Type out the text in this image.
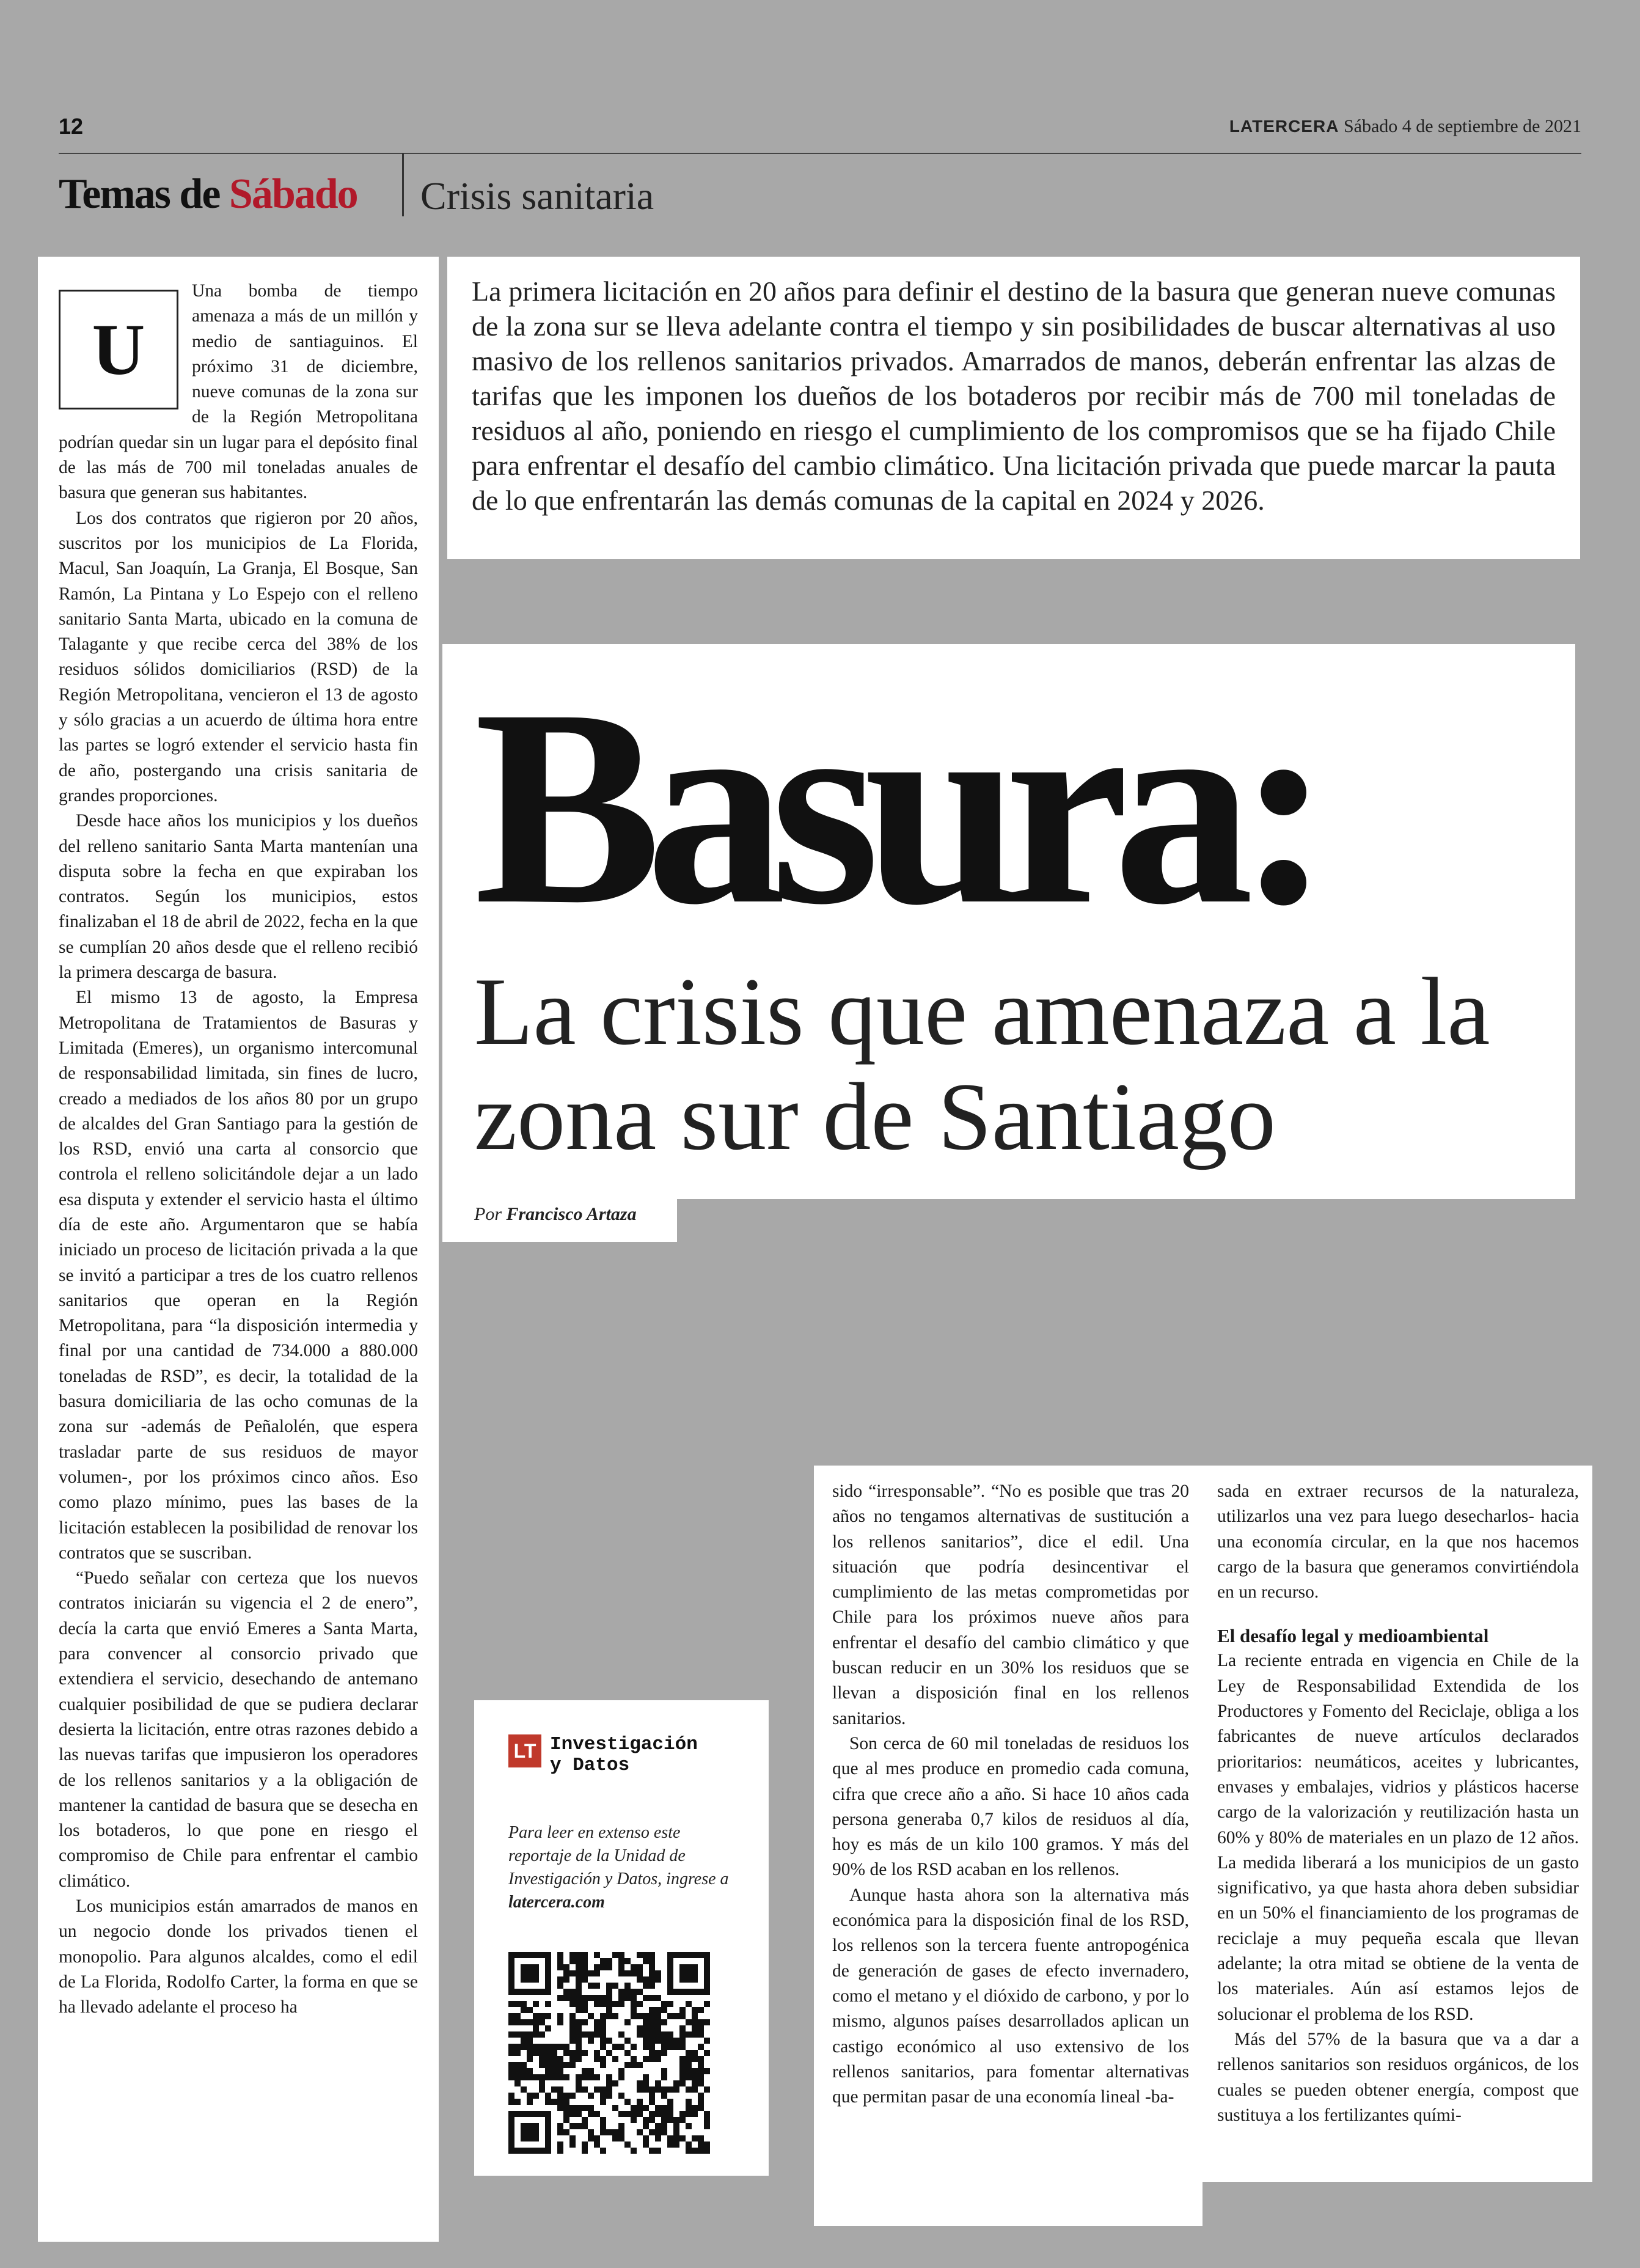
12	LATERCERA Sábado 4 de septiembre de 2021
Temas de Sábado Crisis sanitaria
U

Una bomba de tiempo amenaza a más de un millón y medio de santiaguinos. El próximo 31 de diciembre, nueve comunas de la zona sur de la Región Metropolitana podrían quedar sin un lugar para el depósito final de las más de 700 mil toneladas anuales de basura que generan sus habitantes.

Los dos contratos que rigieron por 20 años, suscritos por los municipios de La Florida, Macul, San Joaquín, La Granja, El Bosque, San Ramón, La Pintana y Lo Espejo con el relleno sanitario Santa Marta, ubicado en la comuna de Talagante y que recibe cerca del 38% de los residuos sólidos domiciliarios (RSD) de la Región Metropolitana, vencieron el 13 de agosto y sólo gracias a un acuerdo de última hora entre las partes se logró extender el servicio hasta fin de año, postergando una crisis sanitaria de grandes proporciones.

Desde hace años los municipios y los dueños del relleno sanitario Santa Marta mantenían una disputa sobre la fecha en que expiraban los contratos. Según los municipios, estos finalizaban el 18 de abril de 2022, fecha en la que se cumplían 20 años desde que el relleno recibió la primera descarga de basura.

El mismo 13 de agosto, la Empresa Metropolitana de Tratamientos de Basuras y Limitada (Emeres), un organismo intercomunal de responsabilidad limitada, sin fines de lucro, creado a mediados de los años 80 por un grupo de alcaldes del Gran Santiago para la gestión de los RSD, envió una carta al consorcio que controla el relleno solicitándole dejar a un lado esa disputa y extender el servicio hasta el último día de este año. Argumentaron que se había iniciado un proceso de licitación privada a la que se invitó a participar a tres de los cuatro rellenos sanitarios que operan en la Región Metropolitana, para “la disposición intermedia y final por una cantidad de 734.000 a 880.000 toneladas de RSD”, es decir, la totalidad de la basura domiciliaria de las ocho comunas de la zona sur -además de Peñalolén, que espera trasladar parte de sus residuos de mayor volumen-, por los próximos cinco años. Eso como plazo mínimo, pues las bases de la licitación establecen la posibilidad de renovar los contratos que se suscriban.

“Puedo señalar con certeza que los nuevos contratos iniciarán su vigencia el 2 de enero”, decía la carta que envió Emeres a Santa Marta, para convencer al consorcio privado que extendiera el servicio, desechando de antemano cualquier posibilidad de que se pudiera declarar desierta la licitación, entre otras razones debido a las nuevas tarifas que impusieron los operadores de los rellenos sanitarios y a la obligación de mantener la cantidad de basura que se desecha en los botaderos, lo que pone en riesgo el compromiso de Chile para enfrentar el cambio climático.

Los municipios están amarrados de manos en un negocio donde los privados tienen el monopolio. Para algunos alcaldes, como el edil de La Florida, Rodolfo Carter, la forma en que se ha llevado adelante el proceso ha

La primera licitación en 20 años para definir el destino de la basura que generan nueve comunas de la zona sur se lleva adelante contra el tiempo y sin posibilidades de buscar alternativas al uso masivo de los rellenos sanitarios privados. Amarrados de manos, deberán enfrentar las alzas de tarifas que les imponen los dueños de los botaderos por recibir más de 700 mil toneladas de residuos al año, poniendo en riesgo el cumplimiento de los compromisos que se ha fijado Chile para enfrentar el desafío del cambio climático. Una licitación privada que puede marcar la pauta de lo que enfrentarán las demás comunas de la capital en 2024 y 2026.

Basura:
La crisis que amenaza a la zona sur de Santiago
Por Francisco Artaza
LT Investigación
y Datos
Para leer en extenso este reportaje de la Unidad de Investigación y Datos, ingrese a latercera.com

sido “irresponsable”. “No es posible que tras 20 años no tengamos alternativas de sustitución a los rellenos sanitarios”, dice el edil. Una situación que podría desincentivar el cumplimiento de las metas comprometidas por Chile para los próximos nueve años para enfrentar el desafío del cambio climático y que buscan reducir en un 30% los residuos que se llevan a disposición final en los rellenos sanitarios.

Son cerca de 60 mil toneladas de residuos los que al mes produce en promedio cada comuna, cifra que crece año a año. Si hace 10 años cada persona generaba 0,7 kilos de residuos al día, hoy es más de un kilo 100 gramos. Y más del 90% de los RSD acaban en los rellenos.

Aunque hasta ahora son la alternativa más económica para la disposición final de los RSD, los rellenos son la tercera fuente antropogénica de generación de gases de efecto invernadero, como el metano y el dióxido de carbono, y por lo mismo, algunos países desarrollados aplican un castigo económico al uso extensivo de los rellenos sanitarios, para fomentar alternativas que permitan pasar de una economía lineal -ba-

sada en extraer recursos de la naturaleza, utilizarlos una vez para luego desecharlos- hacia una economía circular, en la que nos hacemos cargo de la basura que generamos convirtiéndola en un recurso.

El desafío legal y medioambiental

La reciente entrada en vigencia en Chile de la Ley de Responsabilidad Extendida de los Productores y Fomento del Reciclaje, obliga a los fabricantes de nueve artículos declarados prioritarios: neumáticos, aceites y lubricantes, envases y embalajes, vidrios y plásticos hacerse cargo de la valorización y reutilización hasta un 60% y 80% de materiales en un plazo de 12 años. La medida liberará a los municipios de un gasto significativo, ya que hasta ahora deben subsidiar en un 50% el financiamiento de los programas de reciclaje a muy pequeña escala que llevan adelante; la otra mitad se obtiene de la venta de los materiales. Aún así estamos lejos de solucionar el problema de los RSD.

Más del 57% de la basura que va a dar a rellenos sanitarios son residuos orgánicos, de los cuales se pueden obtener energía, compost que sustituya a los fertilizantes quími-
